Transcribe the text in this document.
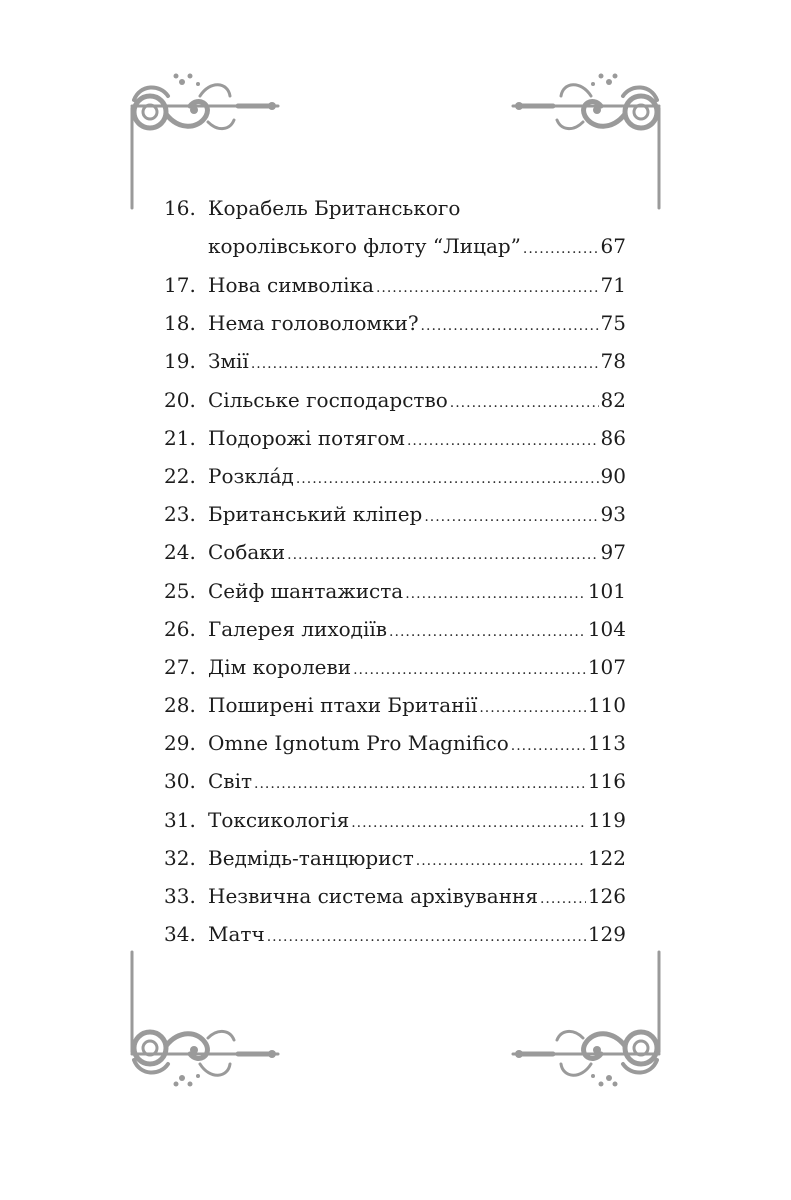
16. Корабель Британського
королівського флоту “Лицар” .....	67
17. Нова символіка .....	71
18. Нема головоломки? .....	75
19. Змії .....	78
20. Сільське господарство .....	82
21. Подорожі потягом .....	86
22. Розкла́д .....	90
23. Британський кліпер .....	93
24. Собаки .....	97
25. Сейф шантажиста .....	101
26. Галерея лиходіїв .....	104
27. Дім королеви .....	107
28. Поширені птахи Британії .....	110
29. Omne Ignotum Pro Magnifico .....	113
30. Світ .....	116
31. Токсикологія .....	119
32. Ведмідь-танцюрист .....	122
33. Незвична система архівування ..... 126
34. Матч .....	129
